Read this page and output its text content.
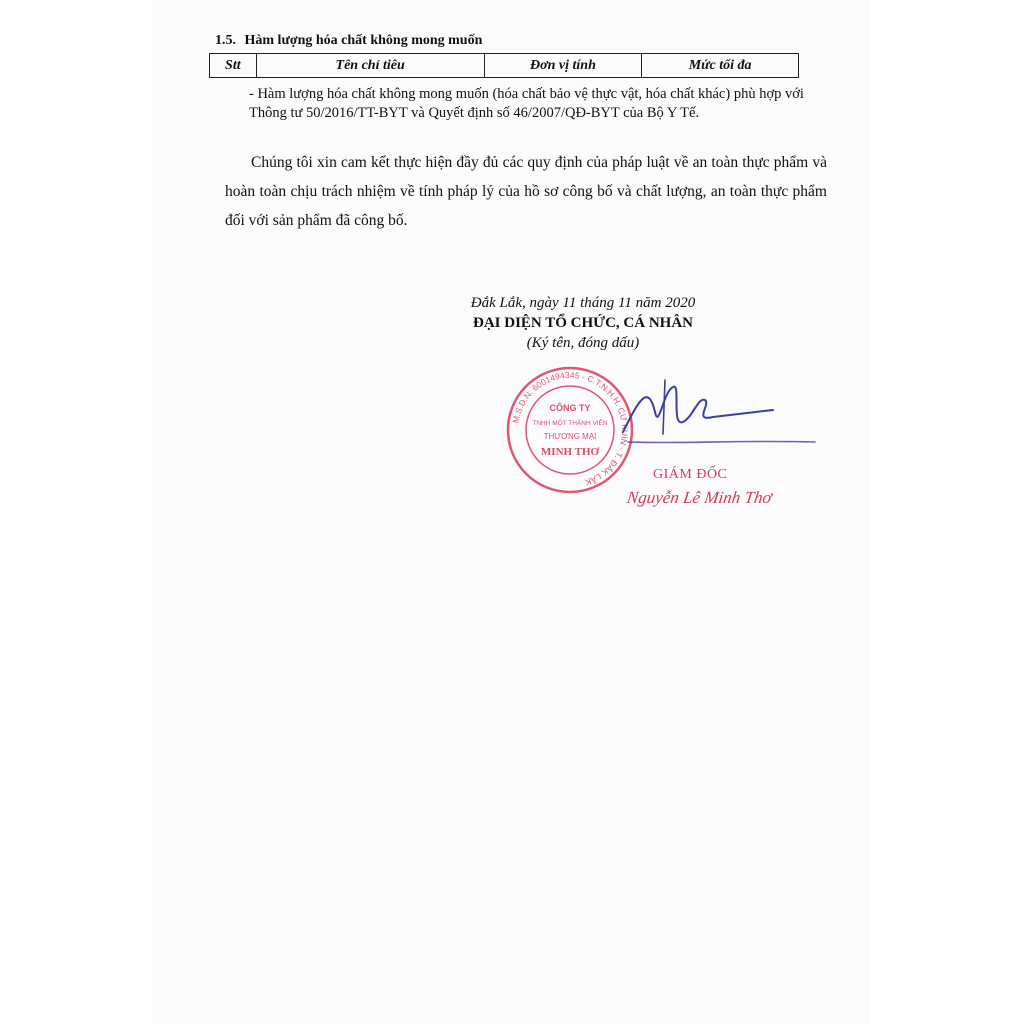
1.5. Hàm lượng hóa chất không mong muốn
Stt	Tên chỉ tiêu	Đơn vị tính	Mức tối đa
- Hàm lượng hóa chất không mong muốn (hóa chất bảo vệ thực vật, hóa chất khác) phù hợp với
Thông tư 50/2016/TT-BYT và Quyết định số 46/2007/QĐ-BYT của Bộ Y Tế.
Chúng tôi xin cam kết thực hiện đầy đủ các quy định của pháp luật về an toàn thực phẩm và hoàn toàn chịu trách nhiệm về tính pháp lý của hồ sơ công bố và chất lượng, an toàn thực phẩm đối với sản phẩm đã công bố.
Đắk Lắk, ngày 11 tháng 11 năm 2020
ĐẠI DIỆN TỔ CHỨC, CÁ NHÂN
(Ký tên, đóng dấu)
M.S.D.N: 6001494345 - C.T.N.H.H. CƯ KUIN - T. ĐẮK LẮK
CÔNG TY
TNHH MỘT THÀNH VIÊN
THƯƠNG MẠI
MINH THƠ
GIÁM ĐỐC
Nguyễn Lê Minh Thơ
